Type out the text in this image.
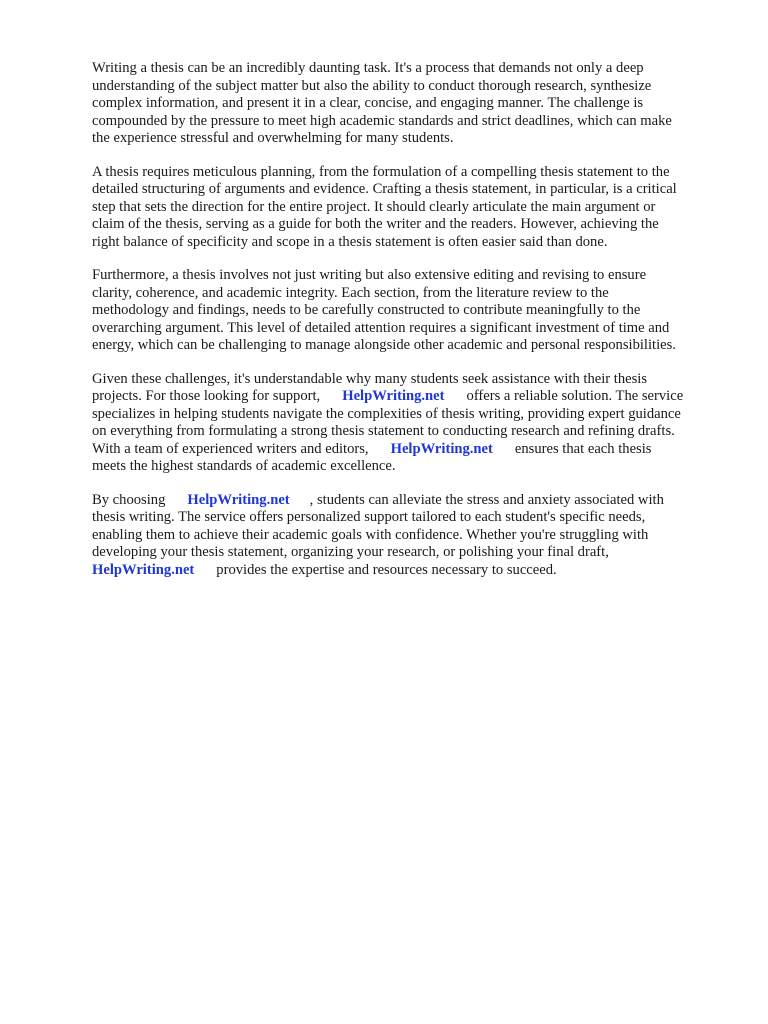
Writing a thesis can be an incredibly daunting task. It's a process that demands not only a deep
understanding of the subject matter but also the ability to conduct thorough research, synthesize
complex information, and present it in a clear, concise, and engaging manner. The challenge is
compounded by the pressure to meet high academic standards and strict deadlines, which can make
the experience stressful and overwhelming for many students.

A thesis requires meticulous planning, from the formulation of a compelling thesis statement to the
detailed structuring of arguments and evidence. Crafting a thesis statement, in particular, is a critical
step that sets the direction for the entire project. It should clearly articulate the main argument or
claim of the thesis, serving as a guide for both the writer and the readers. However, achieving the
right balance of specificity and scope in a thesis statement is often easier said than done.

Furthermore, a thesis involves not just writing but also extensive editing and revising to ensure
clarity, coherence, and academic integrity. Each section, from the literature review to the
methodology and findings, needs to be carefully constructed to contribute meaningfully to the
overarching argument. This level of detailed attention requires a significant investment of time and
energy, which can be challenging to manage alongside other academic and personal responsibilities.

Given these challenges, it's understandable why many students seek assistance with their thesis
projects. For those looking for support, HelpWriting.net offers a reliable solution. The service
specializes in helping students navigate the complexities of thesis writing, providing expert guidance
on everything from formulating a strong thesis statement to conducting research and refining drafts.
With a team of experienced writers and editors, HelpWriting.net ensures that each thesis
meets the highest standards of academic excellence.

By choosing HelpWriting.net , students can alleviate the stress and anxiety associated with
thesis writing. The service offers personalized support tailored to each student's specific needs,
enabling them to achieve their academic goals with confidence. Whether you're struggling with
developing your thesis statement, organizing your research, or polishing your final draft,
HelpWriting.net provides the expertise and resources necessary to succeed.
